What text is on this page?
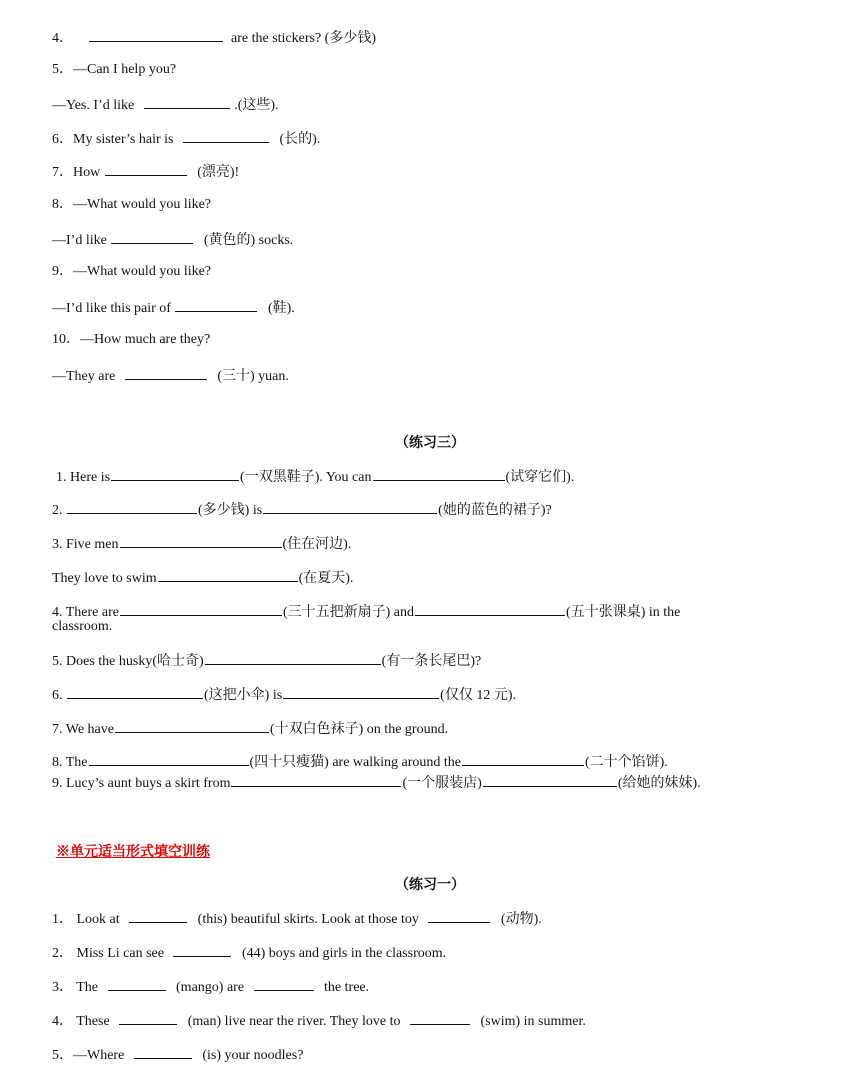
4．	are the stickers? (多少钱)
5．—Can I help you?
—Yes. I’d like	.(这些).
6．My sister’s hair is	(长的).
7．How	(漂亮)!
8．—What would you like?
—I’d like	(黄色的) socks.
9．—What would you like?
—I’d like this pair of	(鞋).
10．—How much are they?
—They are	(三十) yuan.
（练习三）
1. Here is	(一双黑鞋子). You can	(试穿它们).
2.	(多少钱) is	(她的蓝色的裙子)?
3. Five men	(住在河边).
They love to swim	(在夏天).
4. There are	(三十五把新扇子) and	(五十张课桌) in the
classroom.
5. Does the husky(哈士奇)	(有一条长尾巴)?
6.	(这把小伞) is	(仅仅 12 元).
7. We have	(十双白色袜子) on the ground.
8. The	(四十只瘦猫) are walking around the	(二十个馅饼).
9. Lucy’s aunt buys a skirt from	(一个服装店)	(给她的妹妹).
※单元适当形式填空训练
（练习一）
1． Look at	(this) beautiful skirts. Look at those toy	(动物).
2． Miss Li can see	(44) boys and girls in the classroom.
3． The	(mango) are	the tree.
4． These	(man) live near the river. They love to	(swim) in summer.
5．—Where	(is) your noodles?
